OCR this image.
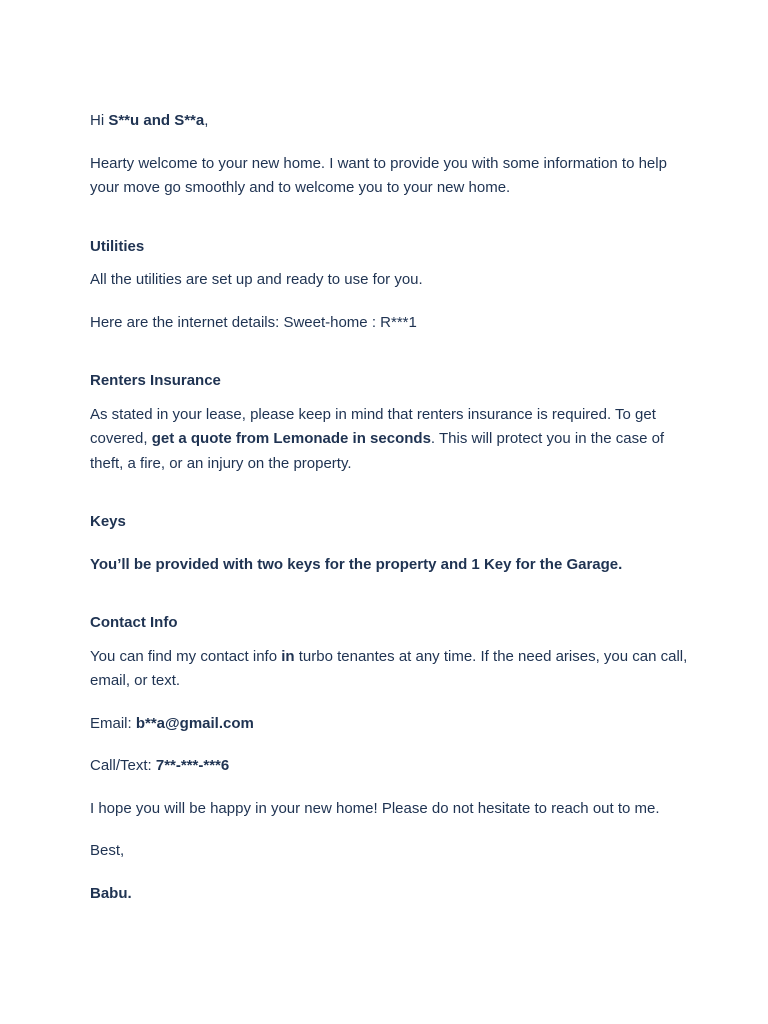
Hi S**u and S**a,

Hearty welcome to your new home. I want to provide you with some information to help your move go smoothly and to welcome you to your new home.

Utilities

All the utilities are set up and ready to use for you.

Here are the internet details: Sweet-home : R***1

Renters Insurance

As stated in your lease, please keep in mind that renters insurance is required. To get covered, get a quote from Lemonade in seconds. This will protect you in the case of theft, a fire, or an injury on the property.

Keys

You’ll be provided with two keys for the property and 1 Key for the Garage.

Contact Info

You can find my contact info in turbo tenantes at any time. If the need arises, you can call, email, or text.

Email: b**a@gmail.com

Call/Text: 7**-***-***6

I hope you will be happy in your new home! Please do not hesitate to reach out to me.

Best,

Babu.
